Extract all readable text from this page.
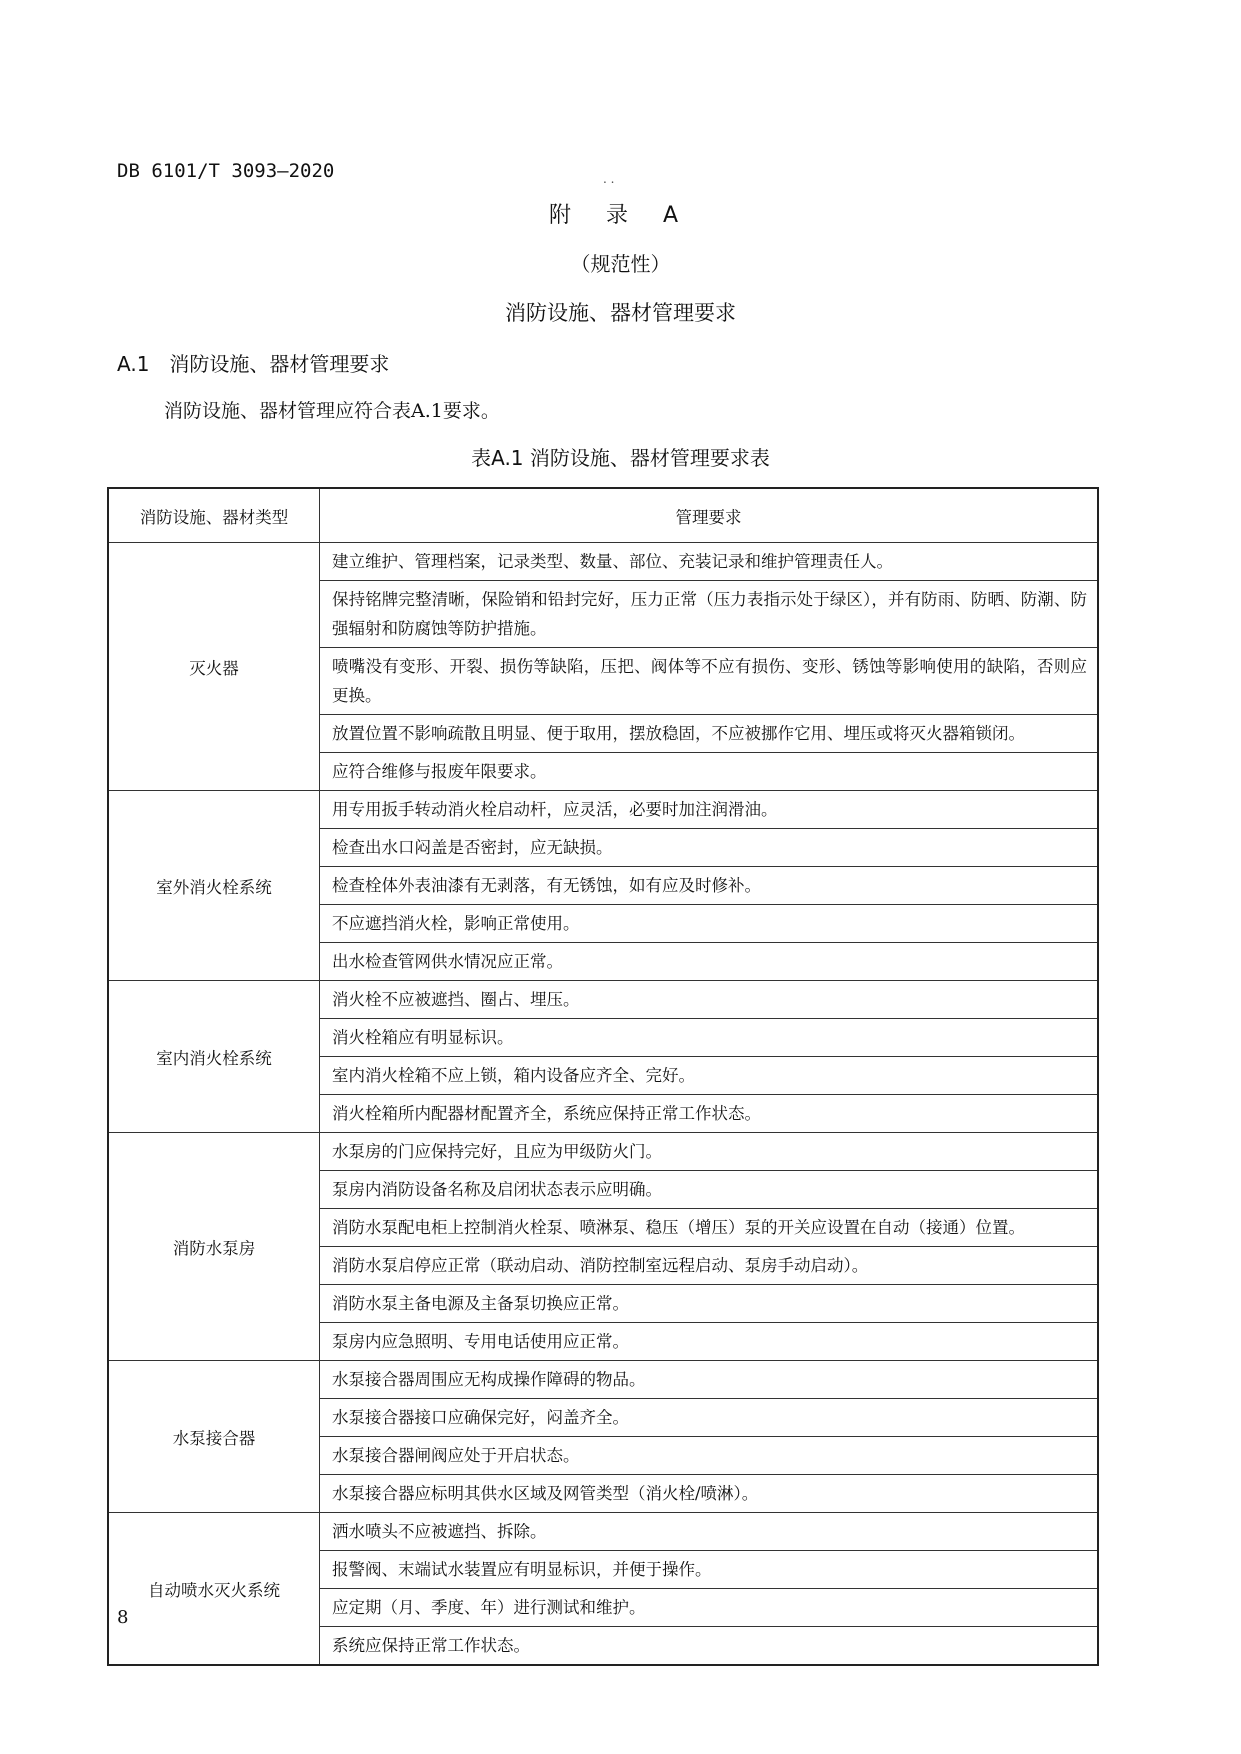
DB 6101/T 3093—2020	. .
附 录 A
（规范性）
消防设施、器材管理要求
A.1 消防设施、器材管理要求
消防设施、器材管理应符合表A.1要求。
表A.1 消防设施、器材管理要求表
消防设施、器材类型	管理要求
灭火器	建立维护、管理档案，记录类型、数量、部位、充装记录和维护管理责任人。
	保持铭牌完整清晰，保险销和铅封完好，压力正常（压力表指示处于绿区），并有防雨、防晒、防潮、防强辐射和防腐蚀等防护措施。
	喷嘴没有变形、开裂、损伤等缺陷，压把、阀体等不应有损伤、变形、锈蚀等影响使用的缺陷，否则应更换。
	放置位置不影响疏散且明显、便于取用，摆放稳固，不应被挪作它用、埋压或将灭火器箱锁闭。
	应符合维修与报废年限要求。
室外消火栓系统	用专用扳手转动消火栓启动杆，应灵活，必要时加注润滑油。
	检查出水口闷盖是否密封，应无缺损。
	检查栓体外表油漆有无剥落，有无锈蚀，如有应及时修补。
	不应遮挡消火栓，影响正常使用。
	出水检查管网供水情况应正常。
室内消火栓系统	消火栓不应被遮挡、圈占、埋压。
	消火栓箱应有明显标识。
	室内消火栓箱不应上锁，箱内设备应齐全、完好。
	消火栓箱所内配器材配置齐全，系统应保持正常工作状态。
消防水泵房	水泵房的门应保持完好，且应为甲级防火门。
	泵房内消防设备名称及启闭状态表示应明确。
	消防水泵配电柜上控制消火栓泵、喷淋泵、稳压（增压）泵的开关应设置在自动（接通）位置。
	消防水泵启停应正常（联动启动、消防控制室远程启动、泵房手动启动）。
	消防水泵主备电源及主备泵切换应正常。
	泵房内应急照明、专用电话使用应正常。
水泵接合器	水泵接合器周围应无构成操作障碍的物品。
	水泵接合器接口应确保完好，闷盖齐全。
	水泵接合器闸阀应处于开启状态。
	水泵接合器应标明其供水区域及网管类型（消火栓/喷淋）。
自动喷水灭火系统	洒水喷头不应被遮挡、拆除。
	报警阀、末端试水装置应有明显标识，并便于操作。
	应定期（月、季度、年）进行测试和维护。
	系统应保持正常工作状态。
8
